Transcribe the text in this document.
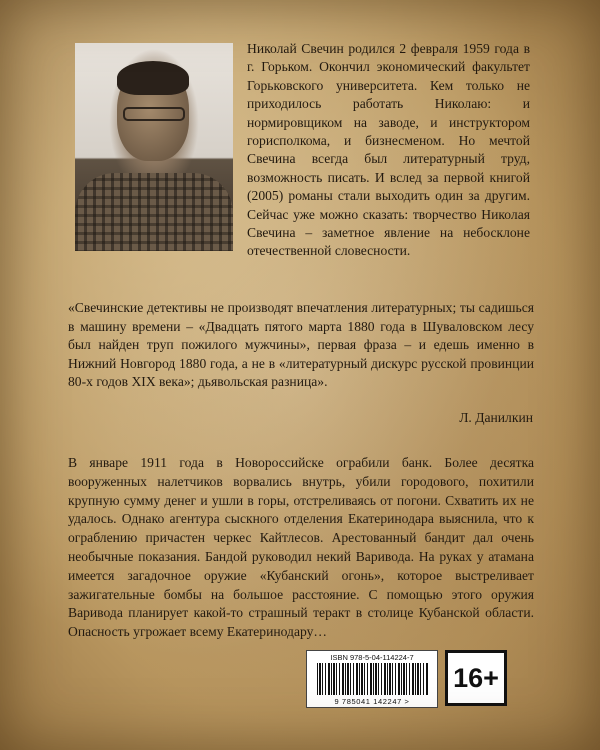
Николай Свечин родился 2 февраля 1959 года в г. Горьком. Окончил экономический факультет Горьковского университета. Кем только не приходилось работать Николаю: и нормировщиком на заводе, и инструктором горисполкома, и бизнесменом. Но мечтой Свечина всегда был литературный труд, возможность писать. И вслед за первой книгой (2005) романы стали выходить один за другим. Сейчас уже можно сказать: творчество Николая Свечина – заметное явление на небосклоне отечественной словесности.
«Свечинские детективы не производят впечатления литературных; ты садишься в машину времени – «Двадцать пятого марта 1880 года в Шуваловском лесу был найден труп пожилого мужчины», первая фраза – и едешь именно в Нижний Новгород 1880 года, а не в «литературный дискурс русской провинции 80-х годов XIX века»; дьявольская разница».
Л. Данилкин
В январе 1911 года в Новороссийске ограбили банк. Более десятка вооруженных налетчиков ворвались внутрь, убили городового, похитили крупную сумму денег и ушли в горы, отстреливаясь от погони. Схватить их не удалось. Однако агентура сыскного отделения Екатеринодара выяснила, что к ограблению причастен черкес Кайтлесов. Арестованный бандит дал очень необычные показания. Бандой руководил некий Варивода. На руках у атамана имеется загадочное оружие «Кубанский огонь», которое выстреливает зажигательные бомбы на большое расстояние. С помощью этого оружия Варивода планирует какой-то страшный теракт в столице Кубанской области. Опасность угрожает всему Екатеринодару…
ISBN 978-5-04-114224-7
9 785041 142247 >
16+
